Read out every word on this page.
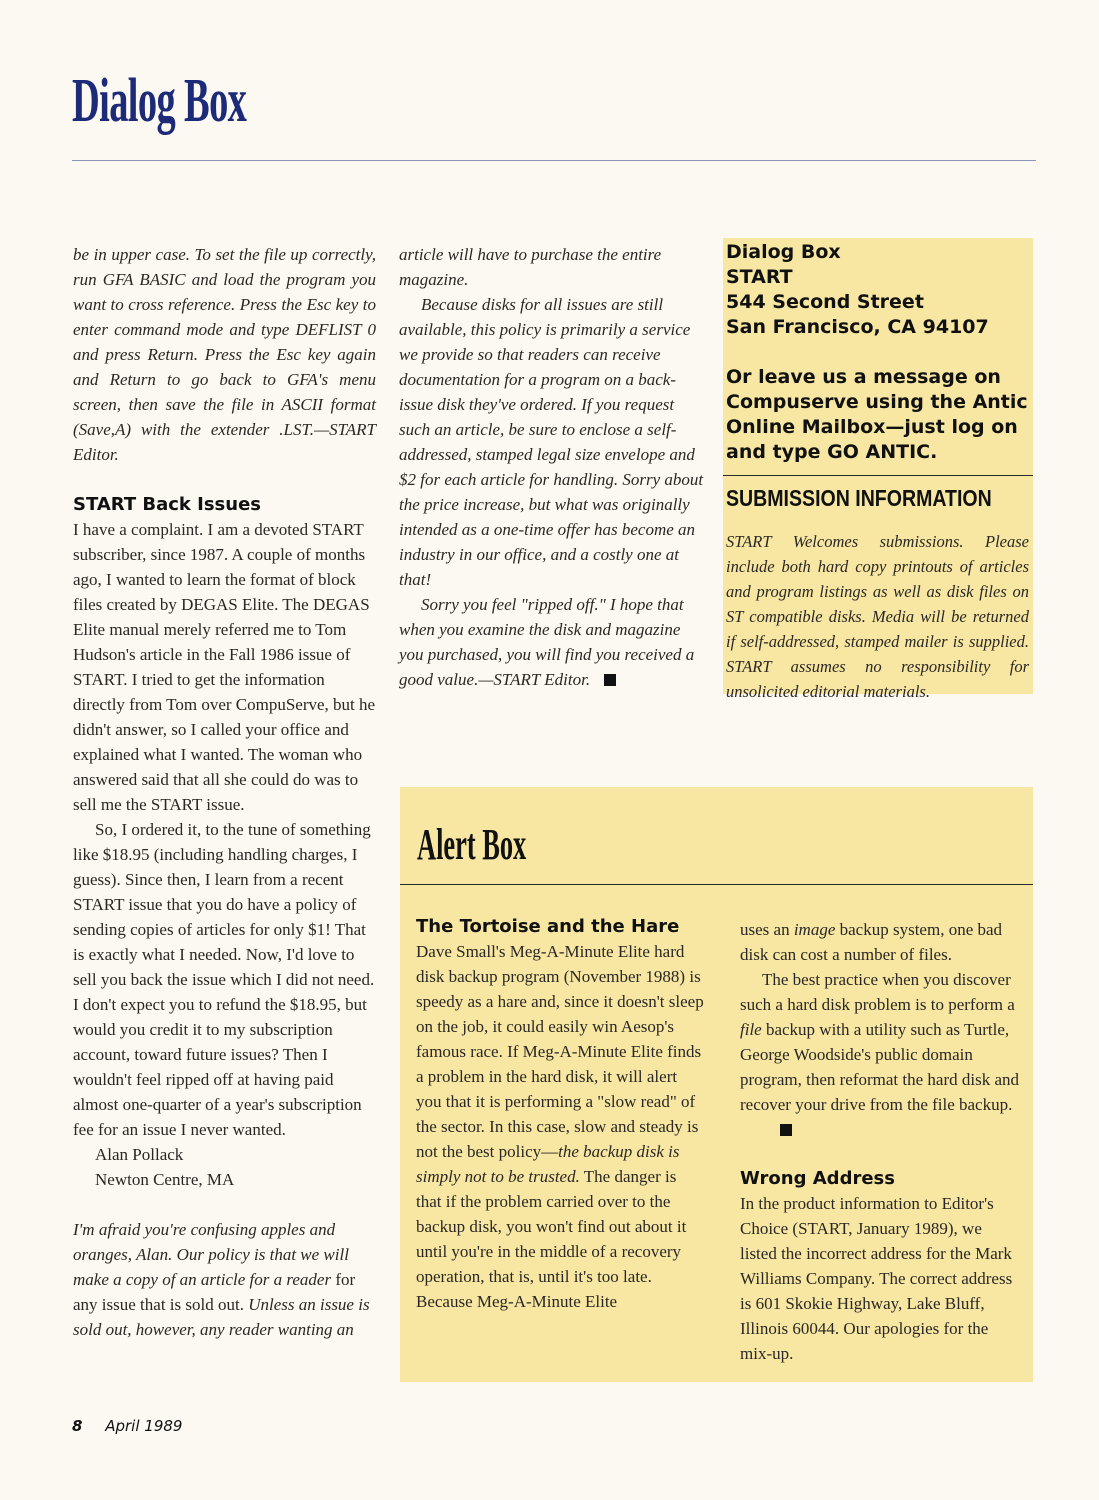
Dialog Box

be in upper case. To set the file up correctly, run GFA BASIC and load the program you want to cross reference. Press the Esc key to enter command mode and type DEFLIST 0 and press Return. Press the Esc key again and Return to go back to GFA's menu screen, then save the file in ASCII format (Save,A) with the extender .LST.—START Editor.

START Back Issues

I have a complaint. I am a devoted START subscriber, since 1987. A couple of months ago, I wanted to learn the format of block files created by DEGAS Elite. The DEGAS Elite manual merely referred me to Tom Hudson's article in the Fall 1986 issue of START. I tried to get the information directly from Tom over CompuServe, but he didn't answer, so I called your office and explained what I wanted. The woman who answered said that all she could do was to sell me the START issue.

So, I ordered it, to the tune of something like $18.95 (including handling charges, I guess). Since then, I learn from a recent START issue that you do have a policy of sending copies of articles for only $1! That is exactly what I needed. Now, I'd love to sell you back the issue which I did not need. I don't expect you to refund the $18.95, but would you credit it to my subscription account, toward future issues? Then I wouldn't feel ripped off at having paid almost one-quarter of a year's subscription fee for an issue I never wanted.

Alan Pollack

Newton Centre, MA

I'm afraid you're confusing apples and oranges, Alan. Our policy is that we will make a copy of an article for a reader for any issue that is sold out. Unless an issue is sold out, however, any reader wanting an

article will have to purchase the entire magazine.

Because disks for all issues are still available, this policy is primarily a service we provide so that readers can receive documentation for a program on a back-issue disk they've ordered. If you request such an article, be sure to enclose a self-addressed, stamped legal size envelope and $2 for each article for handling. Sorry about the price increase, but what was originally intended as a one-time offer has become an industry in our office, and a costly one at that!

Sorry you feel "ripped off." I hope that when you examine the disk and magazine you purchased, you will find you received a good value.—START Editor.

Dialog Box

START

544 Second Street

San Francisco, CA 94107

Or leave us a message on Compuserve using the Antic Online Mailbox—just log on and type GO ANTIC.

SUBMISSION INFORMATION

START Welcomes submissions. Please include both hard copy printouts of articles and program listings as well as disk files on ST compatible disks. Media will be returned if self-addressed, stamped mailer is supplied. START assumes no responsibility for unsolicited editorial materials.

Alert Box
The Tortoise and the Hare

Dave Small's Meg-A-Minute Elite hard disk backup program (November 1988) is speedy as a hare and, since it doesn't sleep on the job, it could easily win Aesop's famous race. If Meg-A-Minute Elite finds a problem in the hard disk, it will alert you that it is performing a "slow read" of the sector. In this case, slow and steady is not the best policy—the backup disk is simply not to be trusted. The danger is that if the problem carried over to the backup disk, you won't find out about it until you're in the middle of a recovery operation, that is, until it's too late. Because Meg-A-Minute Elite

uses an image backup system, one bad disk can cost a number of files.

The best practice when you discover such a hard disk problem is to perform a file backup with a utility such as Turtle, George Woodside's public domain program, then reformat the hard disk and recover your drive from the file backup.

Wrong Address

In the product information to Editor's Choice (START, January 1989), we listed the incorrect address for the Mark Williams Company. The correct address is 601 Skokie Highway, Lake Bluff, Illinois 60044. Our apologies for the mix-up.

8 April 1989
